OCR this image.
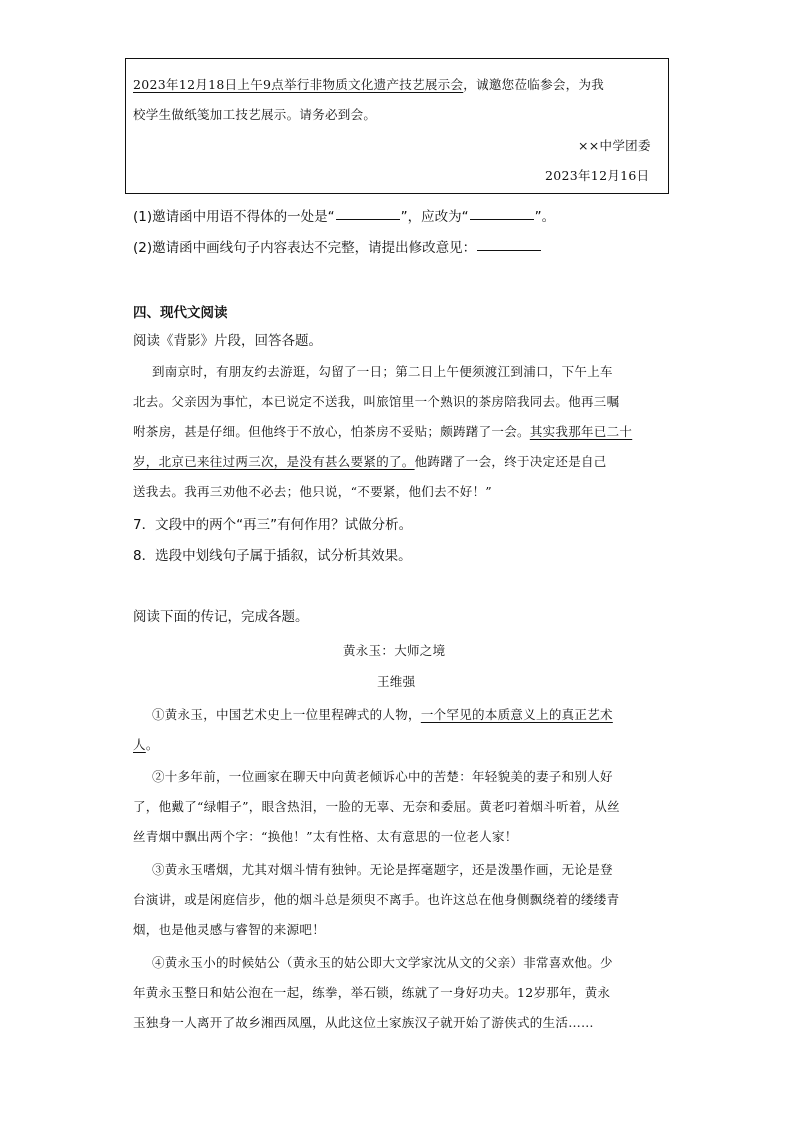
2023年12月18日上午9点举行非物质文化遗产技艺展示会，诚邀您莅临参会，为我
校学生做纸笺加工技艺展示。请务必到会。
××中学团委
2023年12月16日
(1)邀请函中用语不得体的一处是“	”，应改为“	”。
(2)邀请函中画线句子内容表达不完整，请提出修改意见：
四、现代文阅读
阅读《背影》片段，回答各题。
到南京时，有朋友约去游逛，勾留了一日；第二日上午便须渡江到浦口，下午上车
北去。父亲因为事忙，本已说定不送我，叫旅馆里一个熟识的茶房陪我同去。他再三嘱
咐茶房，甚是仔细。但他终于不放心，怕茶房不妥贴；颇踌躇了一会。其实我那年已二十
岁，北京已来往过两三次，是没有甚么要紧的了。他踌躇了一会，终于决定还是自己
送我去。我再三劝他不必去；他只说，“不要紧，他们去不好！”
7．文段中的两个“再三”有何作用？试做分析。
8．选段中划线句子属于插叙，试分析其效果。
阅读下面的传记，完成各题。
黄永玉：大师之境
王维强
①黄永玉，中国艺术史上一位里程碑式的人物，一个罕见的本质意义上的真正艺术
人。
②十多年前，一位画家在聊天中向黄老倾诉心中的苦楚：年轻貌美的妻子和别人好
了，他戴了“绿帽子”，眼含热泪，一脸的无辜、无奈和委屈。黄老叼着烟斗听着，从丝
丝青烟中飘出两个字：“换他！”太有性格、太有意思的一位老人家！
③黄永玉嗜烟，尤其对烟斗情有独钟。无论是挥毫题字，还是泼墨作画，无论是登
台演讲，或是闲庭信步，他的烟斗总是须臾不离手。也许这总在他身侧飘绕着的缕缕青
烟，也是他灵感与睿智的来源吧！
④黄永玉小的时候姑公（黄永玉的姑公即大文学家沈从文的父亲）非常喜欢他。少
年黄永玉整日和姑公泡在一起，练拳，举石锁，练就了一身好功夫。12岁那年，黄永
玉独身一人离开了故乡湘西凤凰，从此这位土家族汉子就开始了游侠式的生活……
